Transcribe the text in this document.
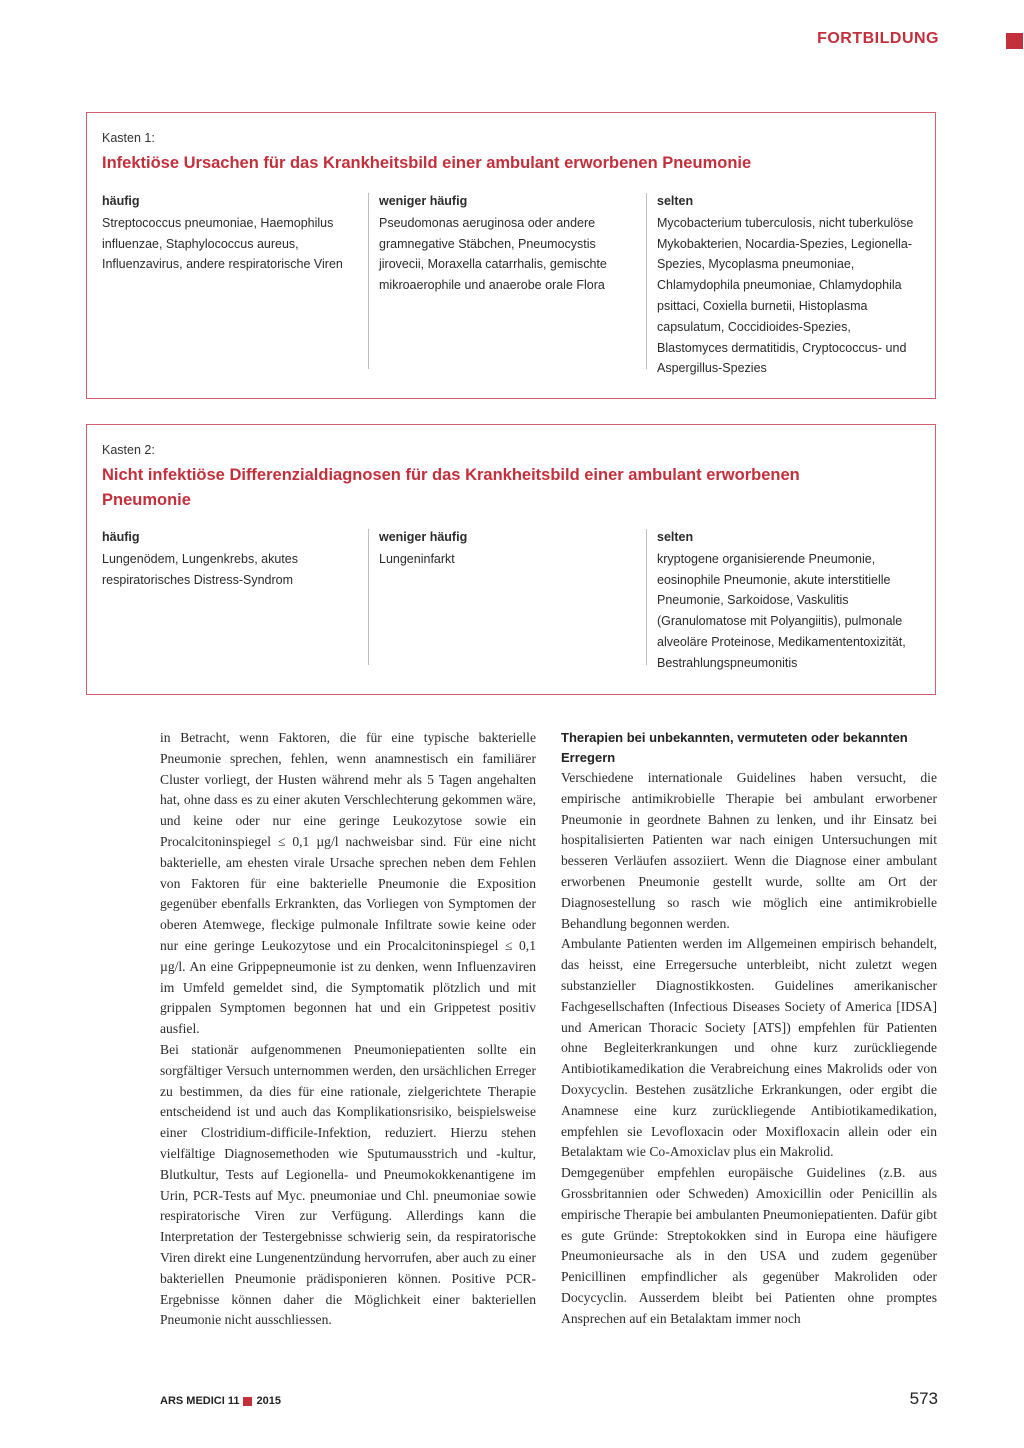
FORTBILDUNG
Kasten 1:
Infektiöse Ursachen für das Krankheitsbild einer ambulant erworbenen Pneumonie
häufig

Streptococcus pneumoniae, Haemophilus influenzae, Staphylococcus aureus, Influenzavirus, andere respiratorische Viren

weniger häufig

Pseudomonas aeruginosa oder andere gramnegative Stäbchen, Pneumocystis jirovecii, Moraxella catarrhalis, gemischte mikroaerophile und anaerobe orale Flora

selten

Mycobacterium tuberculosis, nicht tuberkulöse Mykobakterien, Nocardia-Spezies, Legionella-Spezies, Mycoplasma pneumoniae, Chlamydophila pneumoniae, Chlamydophila psittaci, Coxiella burnetii, Histoplasma capsulatum, Coccidioides-Spezies, Blastomyces dermatitidis, Cryptococcus- und Aspergillus-Spezies

Kasten 2:
Nicht infektiöse Differenzialdiagnosen für das Krankheitsbild einer ambulant erworbenen Pneumonie
häufig

Lungenödem, Lungenkrebs, akutes respiratorisches Distress-Syndrom

weniger häufig

Lungeninfarkt

selten

kryptogene organisierende Pneumonie, eosinophile Pneumonie, akute interstitielle Pneumonie, Sarkoidose, Vaskulitis (Granulomatose mit Polyangiitis), pulmonale alveoläre Proteinose, Medikamententoxizität, Bestrahlungspneumonitis

in Betracht, wenn Faktoren, die für eine typische bakterielle Pneumonie sprechen, fehlen, wenn anamnestisch ein familiärer Cluster vorliegt, der Husten während mehr als 5 Tagen angehalten hat, ohne dass es zu einer akuten Verschlechterung gekommen wäre, und keine oder nur eine geringe Leukozytose sowie ein Procalcitoninspiegel ≤ 0,1 µg/l nachweisbar sind. Für eine nicht bakterielle, am ehesten virale Ursache sprechen neben dem Fehlen von Faktoren für eine bakterielle Pneumonie die Exposition gegenüber ebenfalls Erkrankten, das Vorliegen von Symptomen der oberen Atemwege, fleckige pulmonale Infiltrate sowie keine oder nur eine geringe Leukozytose und ein Procalcitoninspiegel ≤ 0,1 µg/l. An eine Grippepneumonie ist zu denken, wenn Influenzaviren im Umfeld gemeldet sind, die Symptomatik plötzlich und mit grippalen Symptomen begonnen hat und ein Grippetest positiv ausfiel.

Bei stationär aufgenommenen Pneumoniepatienten sollte ein sorgfältiger Versuch unternommen werden, den ursächlichen Erreger zu bestimmen, da dies für eine rationale, zielgerichtete Therapie entscheidend ist und auch das Komplikationsrisiko, beispielsweise einer Clostridium-difficile-Infektion, reduziert. Hierzu stehen vielfältige Diagnosemethoden wie Sputumausstrich und -kultur, Blutkultur, Tests auf Legionella- und Pneumokokkenantigene im Urin, PCR-Tests auf Myc. pneumoniae und Chl. pneumoniae sowie respiratorische Viren zur Verfügung. Allerdings kann die Interpretation der Testergebnisse schwierig sein, da respiratorische Viren direkt eine Lungenentzündung hervorrufen, aber auch zu einer bakteriellen Pneumonie prädisponieren können. Positive PCR-Ergebnisse können daher die Möglichkeit einer bakteriellen Pneumonie nicht ausschliessen.

Therapien bei unbekannten, vermuteten oder bekannten Erregern

Verschiedene internationale Guidelines haben versucht, die empirische antimikrobielle Therapie bei ambulant erworbener Pneumonie in geordnete Bahnen zu lenken, und ihr Einsatz bei hospitalisierten Patienten war nach einigen Untersuchungen mit besseren Verläufen assoziiert. Wenn die Diagnose einer ambulant erworbenen Pneumonie gestellt wurde, sollte am Ort der Diagnosestellung so rasch wie möglich eine antimikrobielle Behandlung begonnen werden.

Ambulante Patienten werden im Allgemeinen empirisch behandelt, das heisst, eine Erregersuche unterbleibt, nicht zuletzt wegen substanzieller Diagnostikkosten. Guidelines amerikanischer Fachgesellschaften (Infectious Diseases Society of America [IDSA] und American Thoracic Society [ATS]) empfehlen für Patienten ohne Begleiterkrankungen und ohne kurz zurückliegende Antibiotikamedikation die Verabreichung eines Makrolids oder von Doxycyclin. Bestehen zusätzliche Erkrankungen, oder ergibt die Anamnese eine kurz zurückliegende Antibiotikamedikation, empfehlen sie Levofloxacin oder Moxifloxacin allein oder ein Betalaktam wie Co-Amoxiclav plus ein Makrolid.

Demgegenüber empfehlen europäische Guidelines (z.B. aus Grossbritannien oder Schweden) Amoxicillin oder Penicillin als empirische Therapie bei ambulanten Pneumoniepatienten. Dafür gibt es gute Gründe: Streptokokken sind in Europa eine häufigere Pneumonieursache als in den USA und zudem gegenüber Penicillinen empfindlicher als gegenüber Makroliden oder Docycyclin. Ausserdem bleibt bei Patienten ohne promptes Ansprechen auf ein Betalaktam immer noch

ARS MEDICI 11 2015	573
